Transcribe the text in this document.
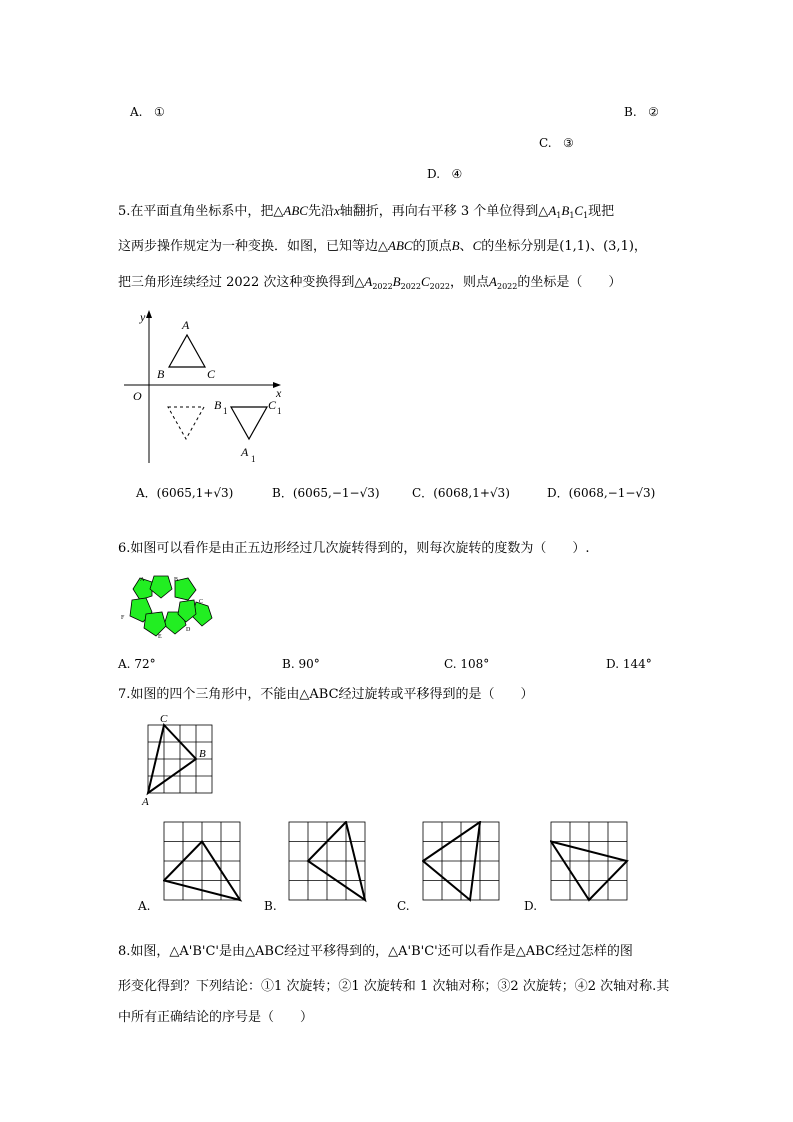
A. ①	B. ②
C. ③
D. ④
5.在平面直角坐标系中，把△ABC先沿x轴翻折，再向右平移 3 个单位得到$\triangle A_1B_1C_1$现把
这两步操作规定为一种变换．如图，已知等边△ABC的顶点B、C的坐标分别是(1,1)、(3,1)，
把三角形连续经过 2022 次这种变换得到$\triangle A_{2022}B_{2022}C_{2022}$，则点$A_{2022}$的坐标是（　　）
y
x
O
A
B	C
B 1	C 1
A 1
A．(6065,1+√3)	B．(6065,−1−√3)	C．(6068,1+√3)	D．(6068,−1−√3)
6.如图可以看作是由正五边形经过几次旋转得到的，则每次旋转的度数为（　　）.
A	B
C
D
E
F
A. 72°	B. 90°	C. 108°	D. 144°
7.如图的四个三角形中，不能由△ABC经过旋转或平移得到的是（　　）
C
B
A
A.	B.	C.	D.
8.如图，△A'B'C'是由△ABC经过平移得到的，△A'B'C'还可以看作是△ABC经过怎样的图
形变化得到？下列结论：①1 次旋转；②1 次旋转和 1 次轴对称；③2 次旋转；④2 次轴对称.其
中所有正确结论的序号是（　　）
